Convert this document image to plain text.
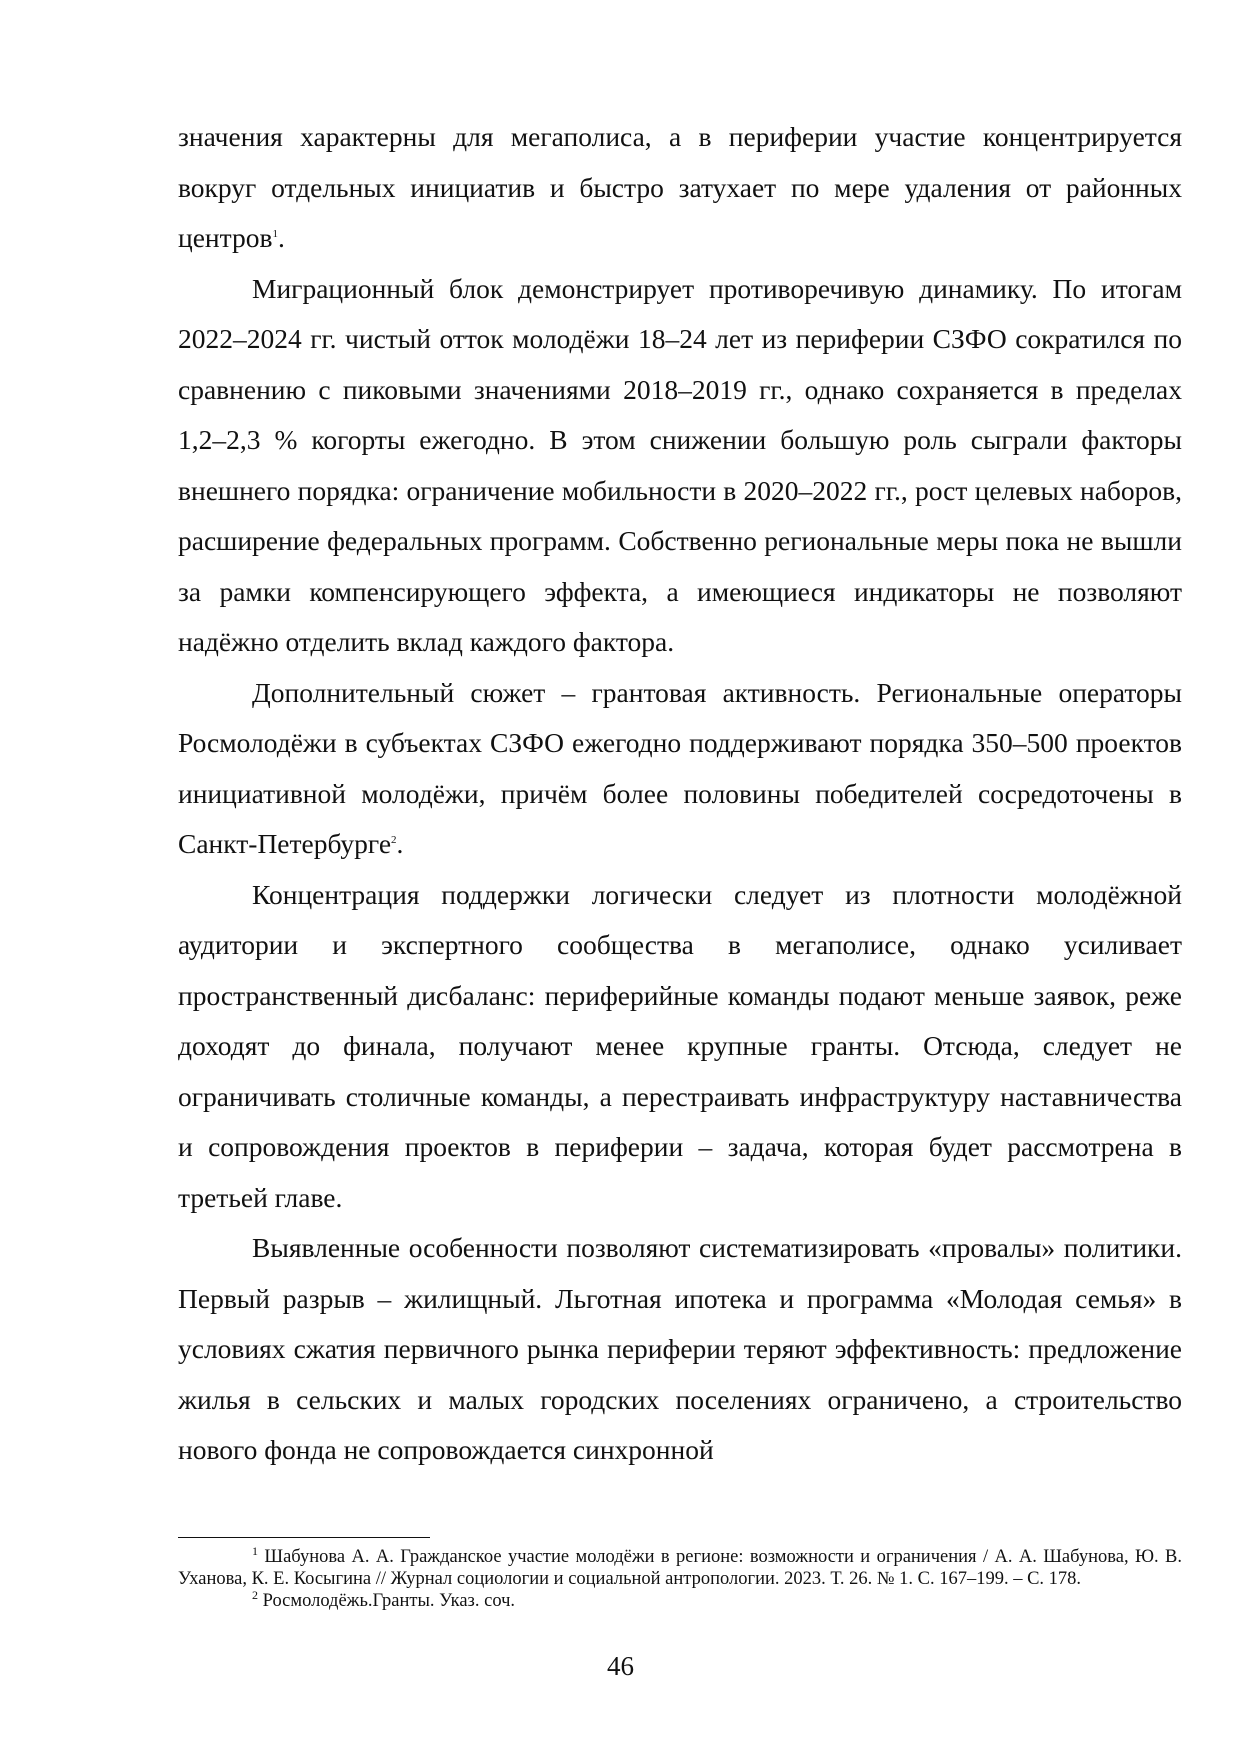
значения характерны для мегаполиса, а в периферии участие концентрируется вокруг отдельных инициатив и быстро затухает по мере удаления от районных центров$^1$.

Миграционный блок демонстрирует противоречивую динамику. По итогам 2022–2024 гг. чистый отток молодёжи 18–24 лет из периферии СЗФО сократился по сравнению с пиковыми значениями 2018–2019 гг., однако сохраняется в пределах 1,2–2,3 % когорты ежегодно. В этом снижении большую роль сыграли факторы внешнего порядка: ограничение мобильности в 2020–2022 гг., рост целевых наборов, расширение федеральных программ. Собственно региональные меры пока не вышли за рамки компенсирующего эффекта, а имеющиеся индикаторы не позволяют надёжно отделить вклад каждого фактора.

Дополнительный сюжет – грантовая активность. Региональные операторы Росмолодёжи в субъектах СЗФО ежегодно поддерживают порядка 350–500 проектов инициативной молодёжи, причём более половины победителей сосредоточены в Санкт-Петербурге$^2$.

Концентрация поддержки логически следует из плотности молодёжной аудитории и экспертного сообщества в мегаполисе, однако усиливает пространственный дисбаланс: периферийные команды подают меньше заявок, реже доходят до финала, получают менее крупные гранты. Отсюда, следует не ограничивать столичные команды, а перестраивать инфраструктуру наставничества и сопровождения проектов в периферии – задача, которая будет рассмотрена в третьей главе.

Выявленные особенности позволяют систематизировать «провалы» политики. Первый разрыв – жилищный. Льготная ипотека и программа «Молодая семья» в условиях сжатия первичного рынка периферии теряют эффективность: предложение жилья в сельских и малых городских поселениях ограничено, а строительство нового фонда не сопровождается синхронной

$^1$ Шабунова А. А. Гражданское участие молодёжи в регионе: возможности и ограничения / А. А. Шабунова, Ю. В. Уханова, К. Е. Косыгина // Журнал социологии и социальной антропологии. 2023. Т. 26. № 1. С. 167–199. – С. 178.

$^2$ Росмолодёжь.Гранты. Указ. соч.

46
